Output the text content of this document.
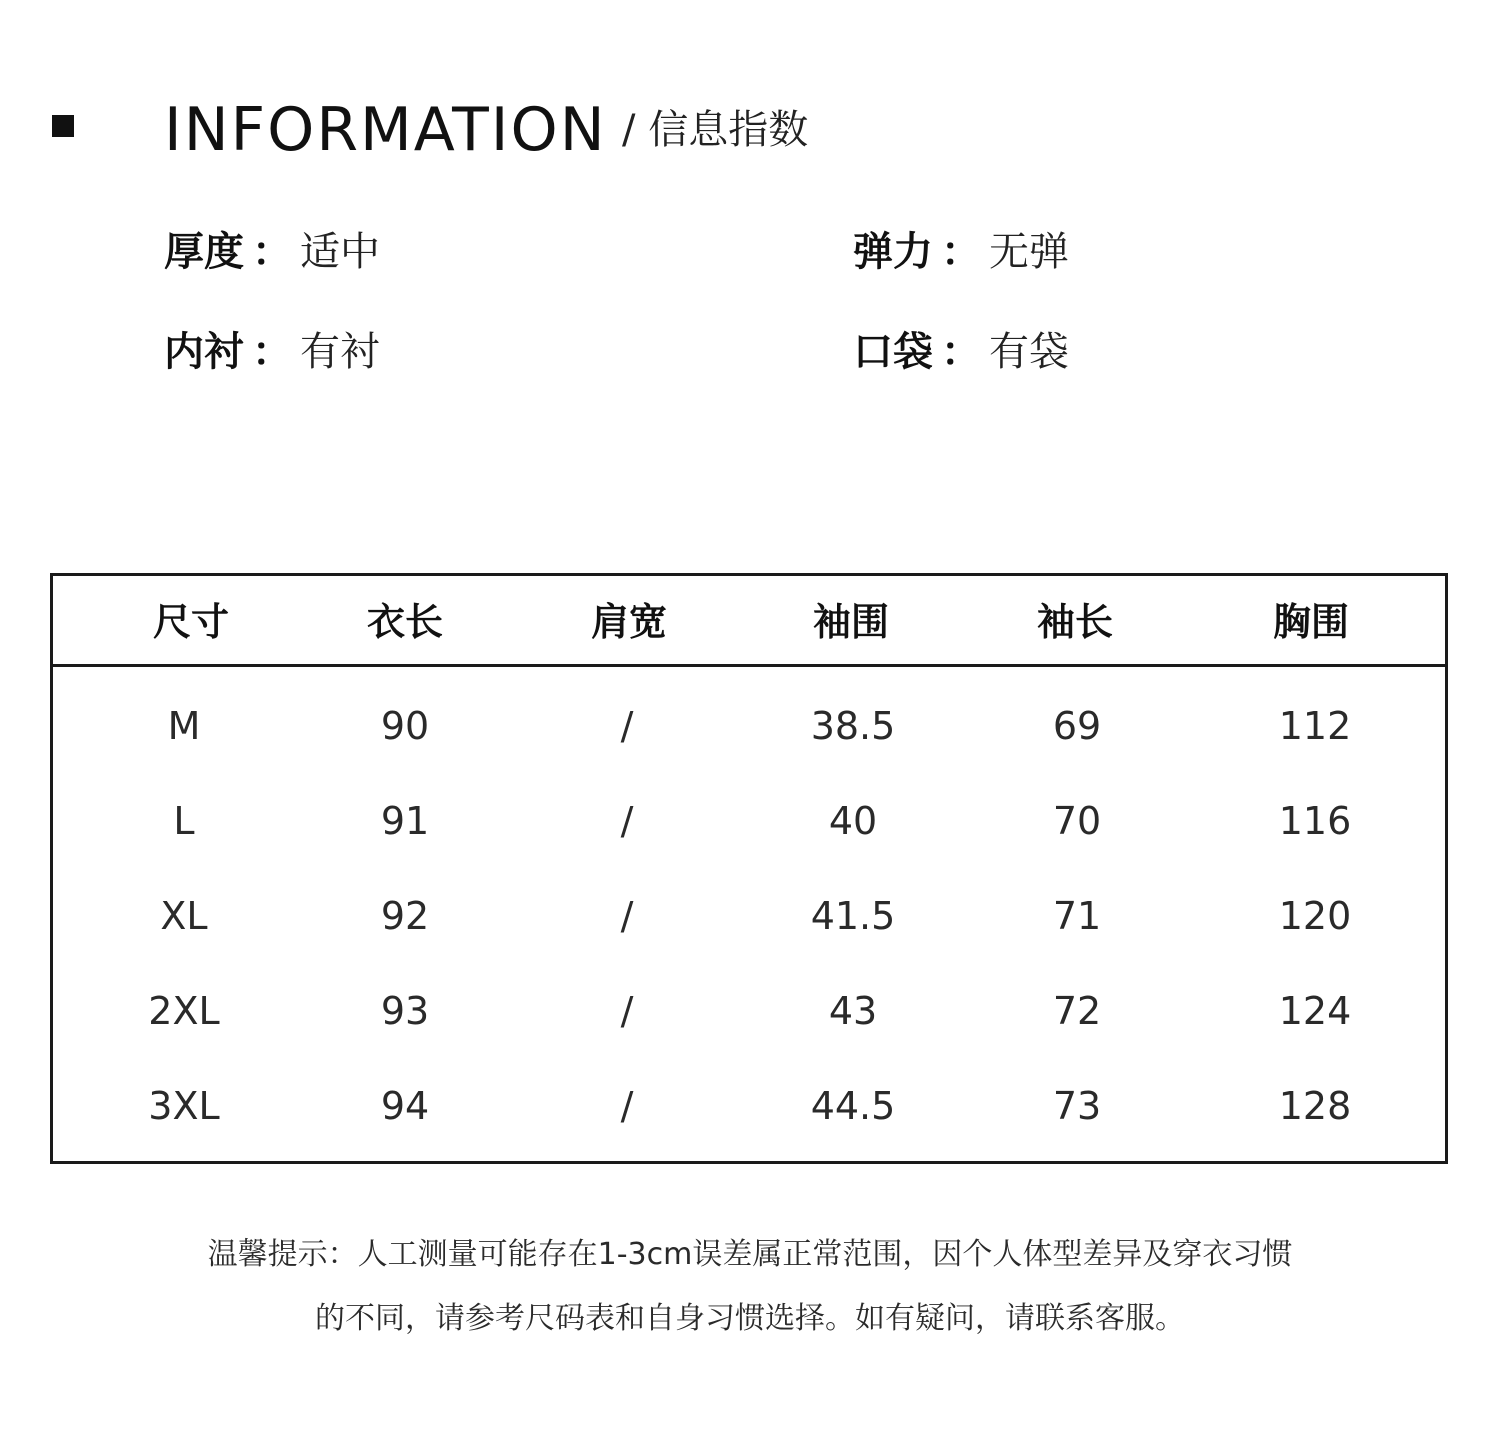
INFORMATION / 信息指数
厚度 ： 适中	弹力 ： 无弹
内衬 ： 有衬	口袋 ： 有袋
尺寸	衣长	肩宽	袖围	袖长	胸围
M	90	/	38.5	69	112
L	91	/	40	70	116
XL	92	/	41.5	71	120
2XL	93	/	43	72	124
3XL	94	/	44.5	73	128
温馨提示：人工测量可能存在1-3cm误差属正常范围，因个人体型差异及穿衣习惯
的不同，请参考尺码表和自身习惯选择。如有疑问，请联系客服。
